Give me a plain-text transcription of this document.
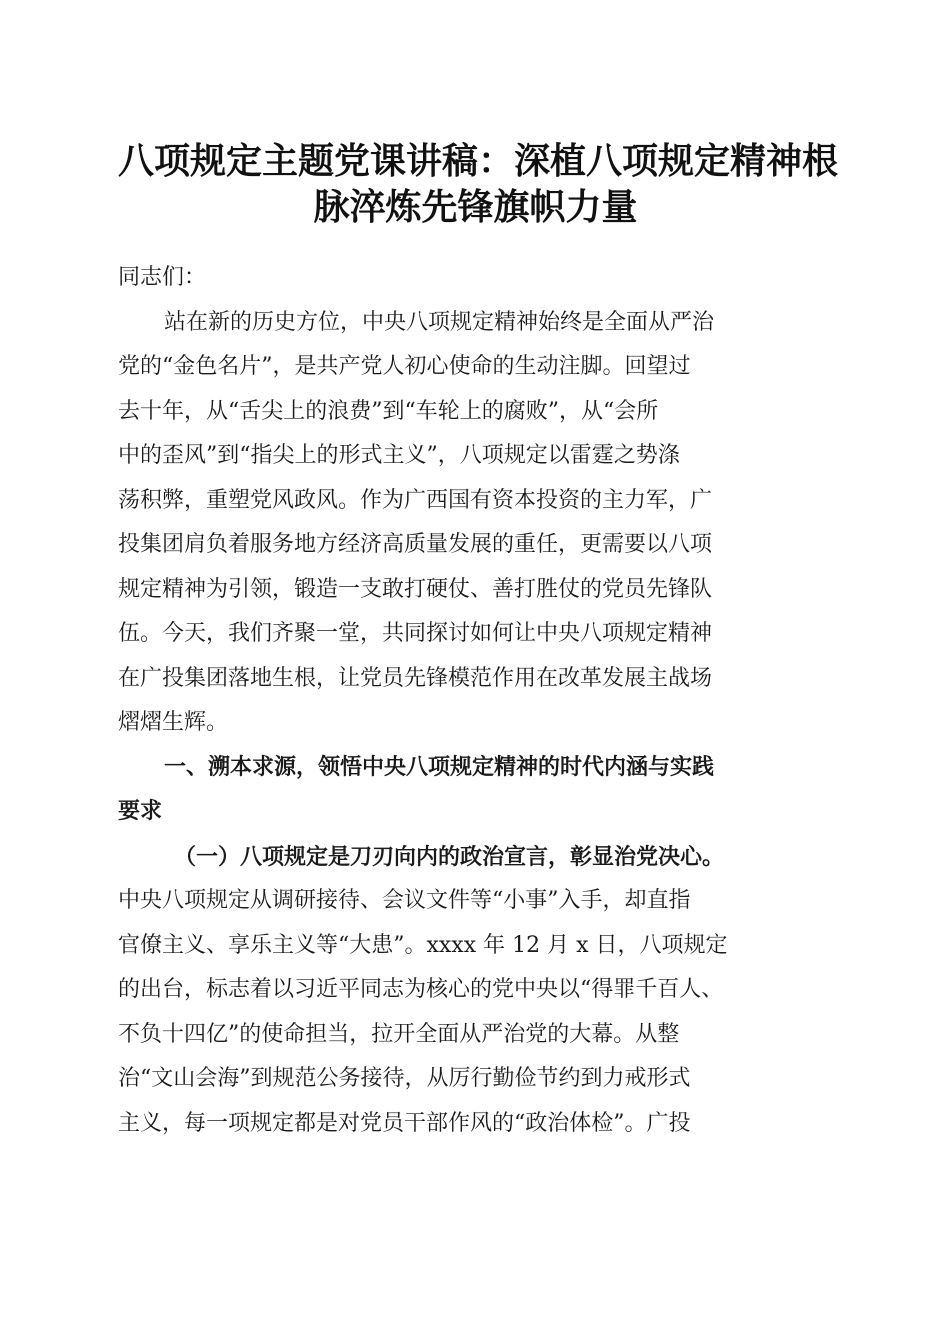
八项规定主题党课讲稿：深植八项规定精神根
脉淬炼先锋旗帜力量
同志们：
站在新的历史方位，中央八项规定精神始终是全面从严治
党的“金色名片”，是共产党人初心使命的生动注脚。回望过
去十年，从“舌尖上的浪费”到“车轮上的腐败”，从“会所
中的歪风”到“指尖上的形式主义”，八项规定以雷霆之势涤
荡积弊，重塑党风政风。作为广西国有资本投资的主力军，广
投集团肩负着服务地方经济高质量发展的重任，更需要以八项
规定精神为引领，锻造一支敢打硬仗、善打胜仗的党员先锋队
伍。今天，我们齐聚一堂，共同探讨如何让中央八项规定精神
在广投集团落地生根，让党员先锋模范作用在改革发展主战场
熠熠生辉。
一、溯本求源，领悟中央八项规定精神的时代内涵与实践
要求
（一）八项规定是刀刃向内的政治宣言，彰显治党决心。
中央八项规定从调研接待、会议文件等“小事”入手，却直指
官僚主义、享乐主义等“大患”。xxxx 年 12 月 x 日，八项规定
的出台，标志着以习近平同志为核心的党中央以“得罪千百人、
不负十四亿”的使命担当，拉开全面从严治党的大幕。从整
治“文山会海”到规范公务接待，从厉行勤俭节约到力戒形式
主义，每一项规定都是对党员干部作风的“政治体检”。广投
